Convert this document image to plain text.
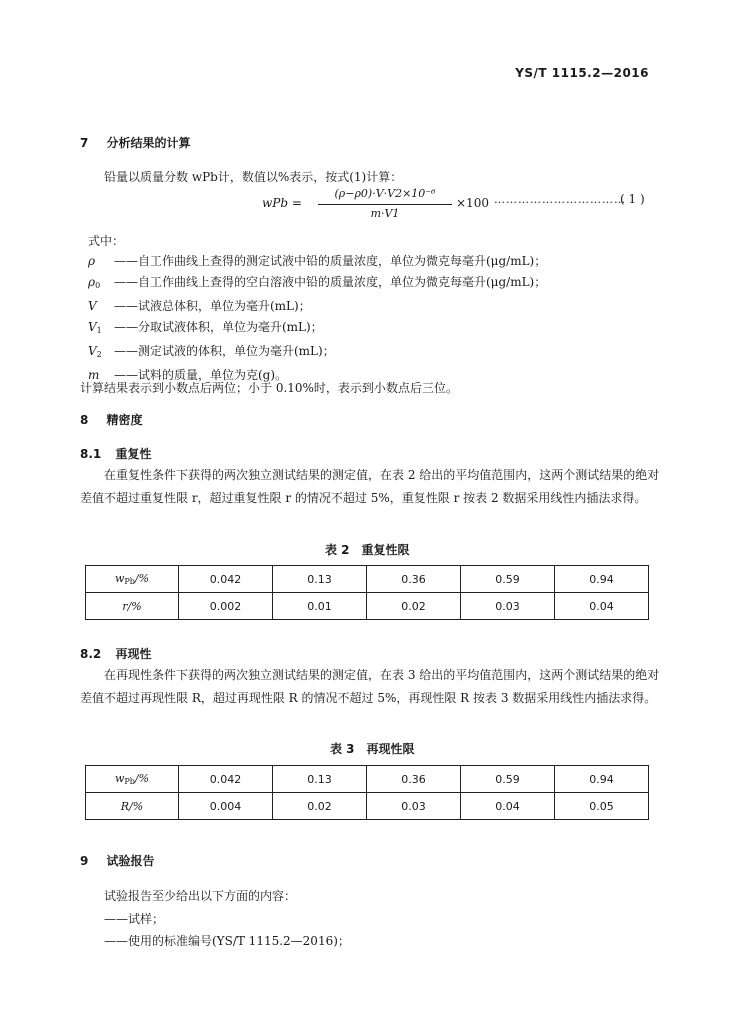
YS/T 1115.2—2016
7 分析结果的计算
铅量以质量分数 wPb计，数值以%表示，按式(1)计算：
wPb =
(ρ−ρ0)·V·V2×10⁻⁶
m·V1
×100 ……………………………
( 1 )
式中：
ρ ——自工作曲线上查得的测定试液中铅的质量浓度，单位为微克每毫升(μg/mL)；
$\rho_0$ ——自工作曲线上查得的空白溶液中铅的质量浓度，单位为微克每毫升(μg/mL)；
V ——试液总体积，单位为毫升(mL)；
$V_1$ ——分取试液体积，单位为毫升(mL)；
$V_2$ ——测定试液的体积，单位为毫升(mL)；
m ——试料的质量，单位为克(g)。
计算结果表示到小数点后两位；小于 0.10%时，表示到小数点后三位。
8 精密度
8.1 重复性
在重复性条件下获得的两次独立测试结果的测定值，在表 2 给出的平均值范围内，这两个测试结果的绝对差值不超过重复性限 r，超过重复性限 r 的情况不超过 5%，重复性限 r 按表 2 数据采用线性内插法求得。
表 2　重复性限
$w_{Pb}/\%$	0.042	0.13	0.36	0.59	0.94
r/%	0.002	0.01	0.02	0.03	0.04
8.2 再现性
在再现性条件下获得的两次独立测试结果的测定值，在表 3 给出的平均值范围内，这两个测试结果的绝对差值不超过再现性限 R，超过再现性限 R 的情况不超过 5%，再现性限 R 按表 3 数据采用线性内插法求得。
表 3　再现性限
$w_{Pb}/\%$	0.042	0.13	0.36	0.59	0.94
R/%	0.004	0.02	0.03	0.04	0.05
9 试验报告
试验报告至少给出以下方面的内容：
——试样；
——使用的标准编号(YS/T 1115.2—2016)；
